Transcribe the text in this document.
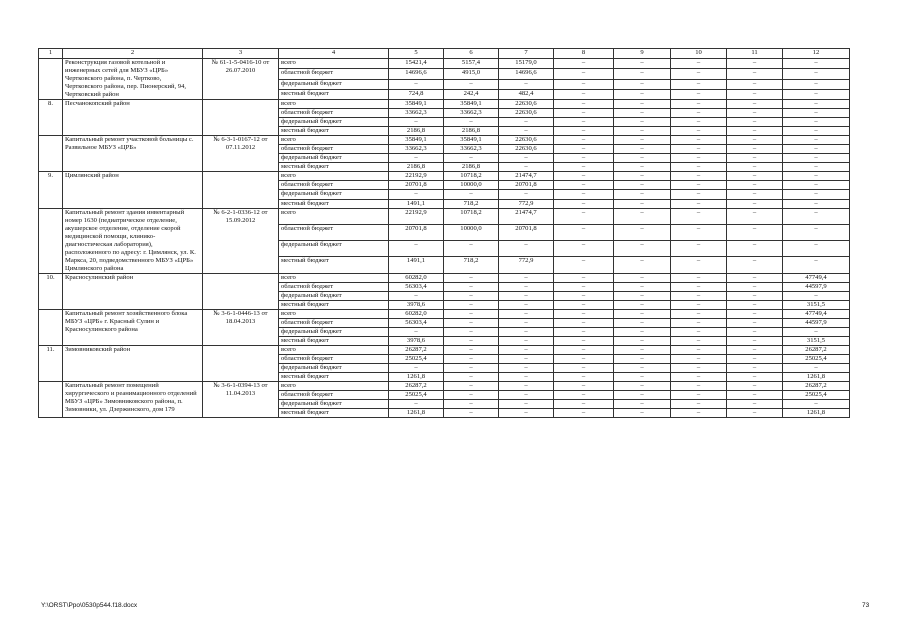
1	2	3	4	5	6	7	8	9	10	11	12
	Реконструкция газовой котельной и инженерных сетей для МБУЗ «ЦРБ» Чертковского района, п. Чертково, Чертковского района, пер. Пионерский, 94, Чертковский район	№ 61-1-5-0416-10 от 26.07.2010	всего	15421,4	5157,4	15179,0	–	–	–	–	–
			областной бюджет	14696,6	4915,0	14696,6	–	–	–	–	–
			федеральный бюджет	–	–	–	–	–	–	–	–
			местный бюджет	724,8	242,4	482,4	–	–	–	–	–
8.	Песчанокопский район		всего	35849,1	35849,1	22630,6	–	–	–	–	–
			областной бюджет	33662,3	33662,3	22630,6	–	–	–	–	–
			федеральный бюджет	–	–	–	–	–	–	–	–
			местный бюджет	2186,8	2186,8	–	–	–	–	–	–
	Капитальный ремонт участковой больницы с. Развильное МБУЗ «ЦРБ»	№ 6-3-1-0167-12 от 07.11.2012	всего	35849,1	35849,1	22630,6	–	–	–	–	–
			областной бюджет	33662,3	33662,3	22630,6	–	–	–	–	–
			федеральный бюджет	–	–	–	–	–	–	–	–
			местный бюджет	2186,8	2186,8	–	–	–	–	–	–
9.	Цимлянский район		всего	22192,9	10718,2	21474,7	–	–	–	–	–
			областной бюджет	20701,8	10000,0	20701,8	–	–	–	–	–
			федеральный бюджет	–	–	–	–	–	–	–	–
			местный бюджет	1491,1	718,2	772,9	–	–	–	–	–
	Капитальный ремонт здания инвентарный номер 1630 (педиатрическое отделение, акушерское отделение, отделение скорой медицинской помощи, клинико-диагностическая лаборатория), расположенного по адресу: г. Цимлянск, ул. К. Маркса, 20, подведомственного МБУЗ «ЦРБ» Цимлянского района	№ 6-2-1-0336-12 от 15.09.2012	всего	22192,9	10718,2	21474,7	–	–	–	–	–
			областной бюджет	20701,8	10000,0	20701,8	–	–	–	–	–
			федеральный бюджет	–	–	–	–	–	–	–	–
			местный бюджет	1491,1	718,2	772,9	–	–	–	–	–
10.	Красносулинский район		всего	60282,0	–	–	–	–	–	–	47749,4
			областной бюджет	56303,4	–	–	–	–	–	–	44597,9
			федеральный бюджет	–	–	–	–	–	–	–	–
			местный бюджет	3978,6	–	–	–	–	–	–	3151,5
	Капитальный ремонт хозяйственного блока МБУЗ «ЦРБ» г. Красный Сулин и Красносулинского района	№ 3-6-1-0446-13 от 18.04.2013	всего	60282,0	–	–	–	–	–	–	47749,4
			областной бюджет	56303,4	–	–	–	–	–	–	44597,9
			федеральный бюджет	–	–	–	–	–	–	–	–
			местный бюджет	3978,6	–	–	–	–	–	–	3151,5
11.	Зимовниковский район		всего	26287,2	–	–	–	–	–	–	26287,2
			областной бюджет	25025,4	–	–	–	–	–	–	25025,4
			федеральный бюджет	–	–	–	–	–	–	–	–
			местный бюджет	1261,8	–	–	–	–	–	–	1261,8
	Капитальный ремонт помещений хирургического и реанимационного отделений МБУЗ «ЦРБ» Зимовниковского района, п. Зимовники, ул. Дзержинского, дом 179	№ 3-6-1-0394-13 от 11.04.2013	всего	26287,2	–	–	–	–	–	–	26287,2
			областной бюджет	25025,4	–	–	–	–	–	–	25025,4
			федеральный бюджет	–	–	–	–	–	–	–	–
			местный бюджет	1261,8	–	–	–	–	–	–	1261,8
Y:\ORST\Ppo\0530p544.f18.docx	73
